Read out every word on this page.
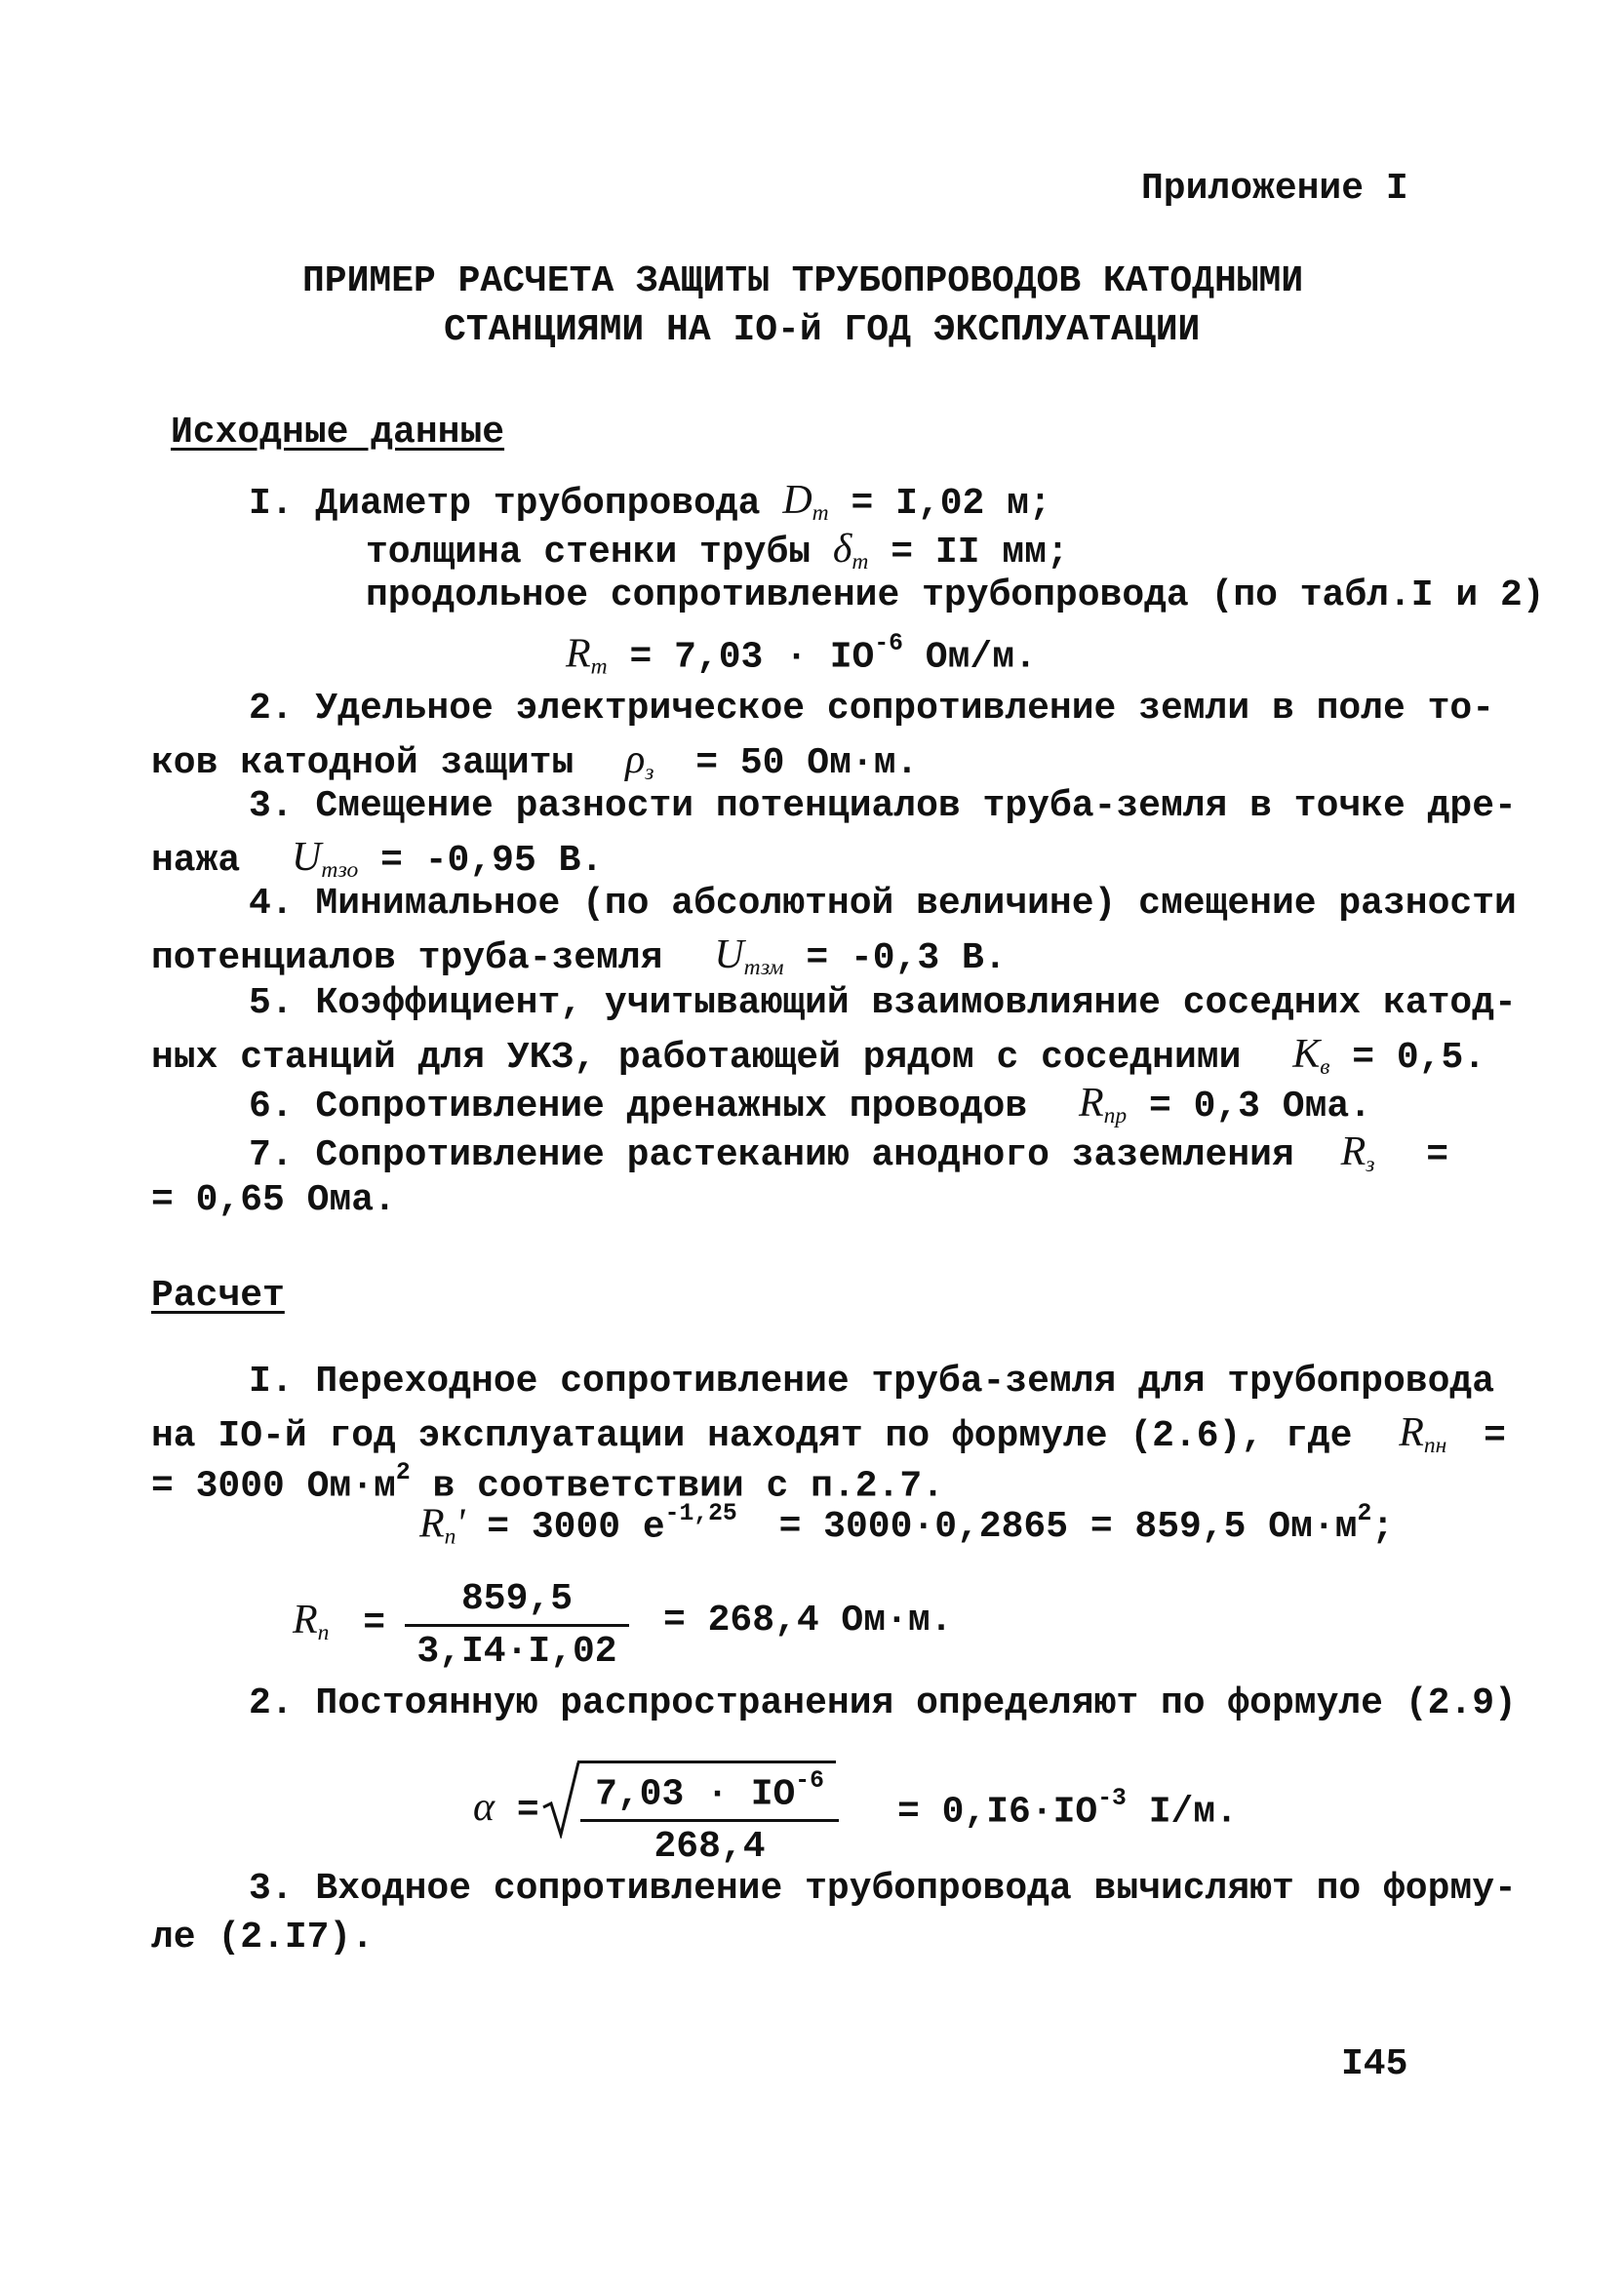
Приложение I
ПРИМЕР РАСЧЕТА ЗАЩИТЫ ТРУБОПРОВОДОВ КАТОДНЫМИ
СТАНЦИЯМИ НА IO-й ГОД ЭКСПЛУАТАЦИИ
Исходные данные
I. Диаметр трубопровода $D_т = I,02$ м;
толщина стенки трубы $\delta_т$ = II мм;
продольное сопротивление трубопровода (по табл.I и 2)
$R_т = 7,03 \cdot IO^{-6}$ Ом/м.
2. Удельное электрическое сопротивление земли в поле то-
ков катодной защиты $\rho_з = 50$ Ом·м.
3. Смещение разности потенциалов труба-земля в точке дре-
нажа $U_{тзо} = -0,95$ В.
4. Минимальное (по абсолютной величине) смещение разности
потенциалов труба-земля $U_{тзм} = -0,3$ В.
5. Коэффициент, учитывающий взаимовлияние соседних катод-
ных станций для УКЗ, работающей рядом с соседними $K_в = 0,5$.
6. Сопротивление дренажных проводов $R_{пр} = 0,3$ Ома.
7. Сопротивление растеканию анодного заземления $R_з$ =
= 0,65 Ома.
Расчет
I. Переходное сопротивление труба-земля для трубопровода
на IO-й год эксплуатации находят по формуле (2.6), где $R_{пн}$ =
= 3000 $Ом\cdot м^2$ в соответствии с п.2.7.
$R_п' = 3000$ $e^{-1,25} = 3000\cdot 0,2865 = 859,5$ $Ом\cdot м^2$;
$R_п = \frac{859,5}{3,I4\cdot I,02} = 268,4$ Ом·м.
2. Постоянную распространения определяют по формуле (2.9)
$\alpha = \frac{7,03 \cdot IO^{-6}}{268,4} = 0,I6\cdot IO^{-3}$ I/м.
3. Входное сопротивление трубопровода вычисляют по форму-
ле (2.I7).
I45
